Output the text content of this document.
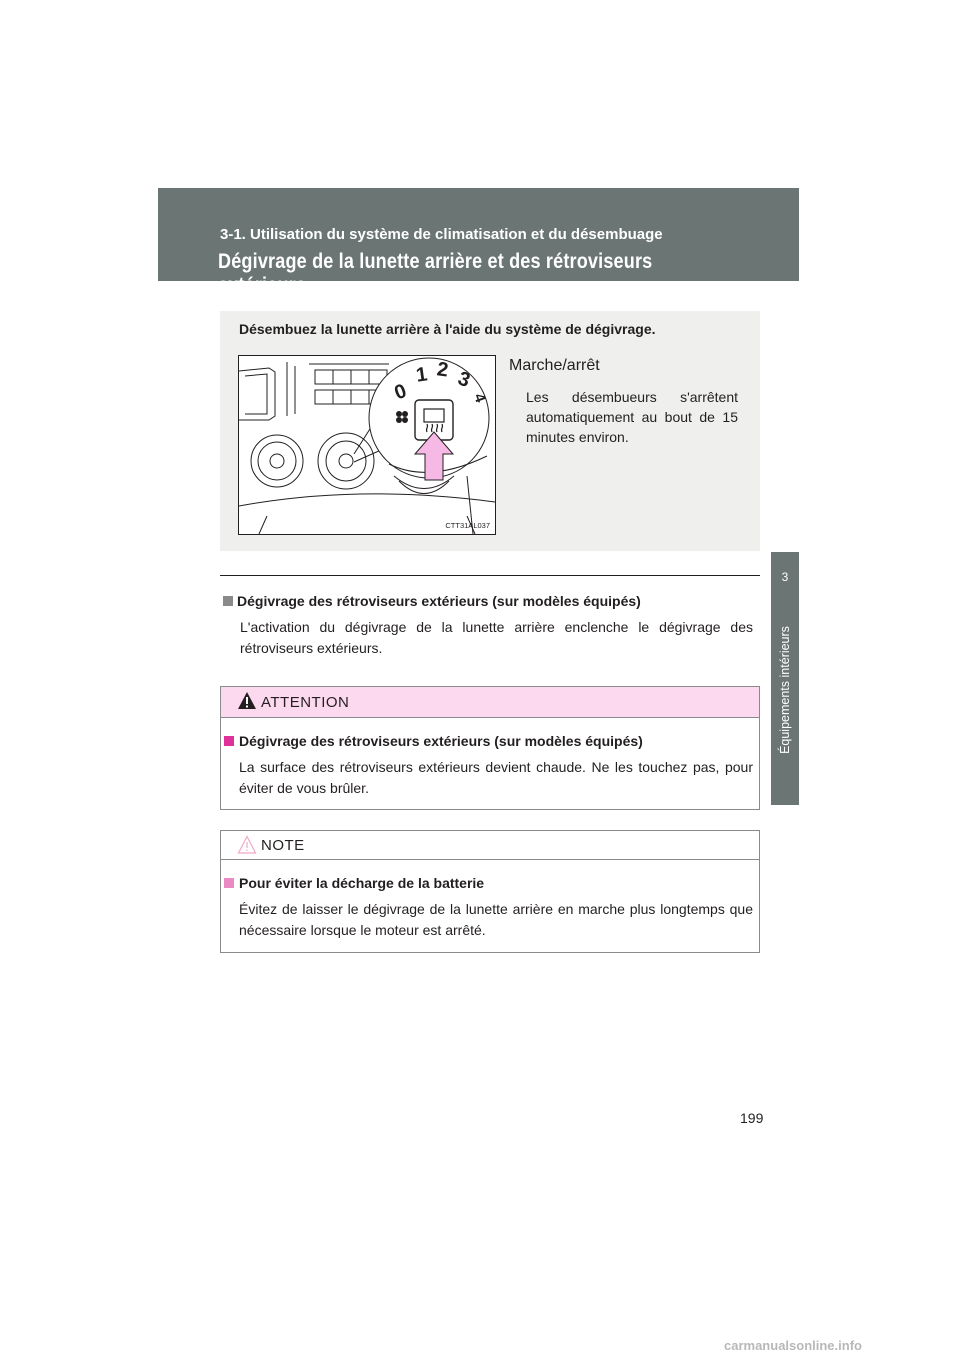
3-1. Utilisation du système de climatisation et du désembuage
Dégivrage de la lunette arrière et des rétroviseurs extérieurs
3
Équipements intérieurs
Désembuez la lunette arrière à l'aide du système de dégivrage.
0
1 2 3
4
CTT31AL037
Marche/arrêt
Les désembueurs s'arrêtent automatiquement au bout de 15 minutes environ.
Dégivrage des rétroviseurs extérieurs (sur modèles équipés)
L'activation du dégivrage de la lunette arrière enclenche le dégivrage des rétroviseurs extérieurs.
ATTENTION
Dégivrage des rétroviseurs extérieurs (sur modèles équipés)
La surface des rétroviseurs extérieurs devient chaude. Ne les touchez pas, pour éviter de vous brûler.
NOTE
Pour éviter la décharge de la batterie
Évitez de laisser le dégivrage de la lunette arrière en marche plus longtemps que nécessaire lorsque le moteur est arrêté.
199
carmanualsonline.info
